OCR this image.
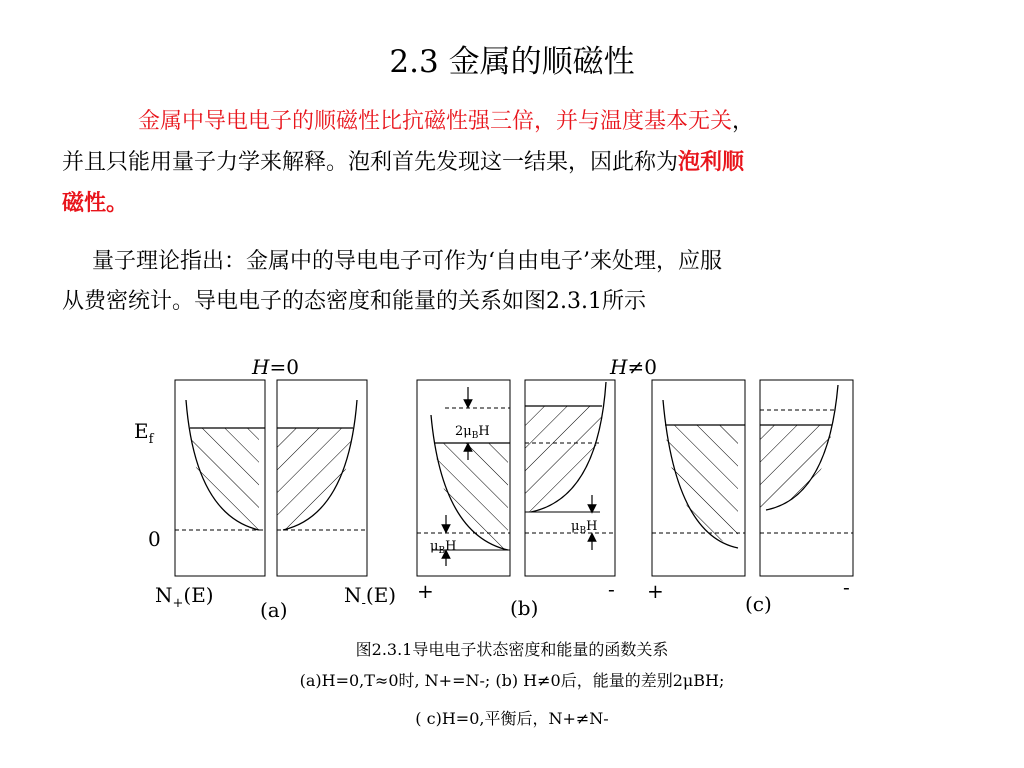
2.3 金属的顺磁性
金属中导电电子的顺磁性比抗磁性强三倍，并与温度基本无关，
并且只能用量子力学来解释。泡利首先发现这一结果，因此称为泡利顺
磁性。
量子理论指出：金属中的导电电子可作为‘自由电子’来处理，应服
从费密统计。导电电子的态密度和能量的关系如图2.3.1所示
H=0	H≠0
$E_f$
0
$2\mu_BH$
$\mu_BH$
$\mu_BH$
$N_+(E)$	$N_-(E)$
(a)	(b)	(c)
+	- +	-
图2.3.1导电电子状态密度和能量的函数关系
(a)H=0,T≈0时, N+=N-; (b) H≠0后，能量的差别2μBH;
( c)H=0,平衡后，N+≠N-
